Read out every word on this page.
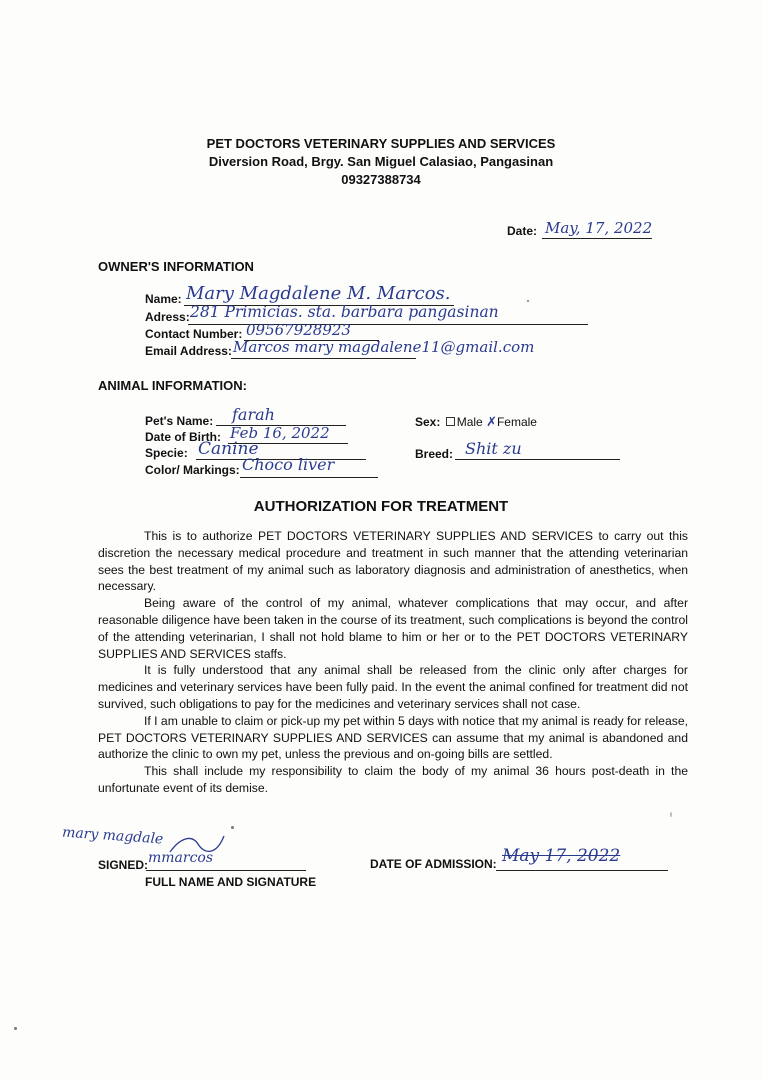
PET DOCTORS VETERINARY SUPPLIES AND SERVICES
Diversion Road, Brgy. San Miguel Calasiao, Pangasinan
09327388734
Date: May, 17, 2022
OWNER'S INFORMATION
Name: Mary Magdalene M. Marcos.
Adress: 281 Primicias. sta. barbara pangasinan
Contact Number: 09567928923
Email Address: Marcos mary magdalene11@gmail.com
ANIMAL INFORMATION:
Pet's Name: farah
Date of Birth: Feb 16, 2022
Specie: Canine
Color/ Markings: Choco liver
Sex: Male ✗Female
Breed: Shit zu
AUTHORIZATION FOR TREATMENT

This is to authorize PET DOCTORS VETERINARY SUPPLIES AND SERVICES to carry out this discretion the necessary medical procedure and treatment in such manner that the attending veterinarian sees the best treatment of my animal such as laboratory diagnosis and administration of anesthetics, when necessary.

Being aware of the control of my animal, whatever complications that may occur, and after reasonable diligence have been taken in the course of its treatment, such complications is beyond the control of the attending veterinarian, I shall not hold blame to him or her or to the PET DOCTORS VETERINARY SUPPLIES AND SERVICES staffs.

It is fully understood that any animal shall be released from the clinic only after charges for medicines and veterinary services have been fully paid. In the event the animal confined for treatment did not survived, such obligations to pay for the medicines and veterinary services shall not case.

If I am unable to claim or pick-up my pet within 5 days with notice that my animal is ready for release, PET DOCTORS VETERINARY SUPPLIES AND SERVICES can assume that my animal is abandoned and authorize the clinic to own my pet, unless the previous and on-going bills are settled.

This shall include my responsibility to claim the body of my animal 36 hours post-death in the unfortunate event of its demise.

mary magdale
SIGNED: mmarcos
FULL NAME AND SIGNATURE
DATE OF ADMISSION: May 17, 2022
